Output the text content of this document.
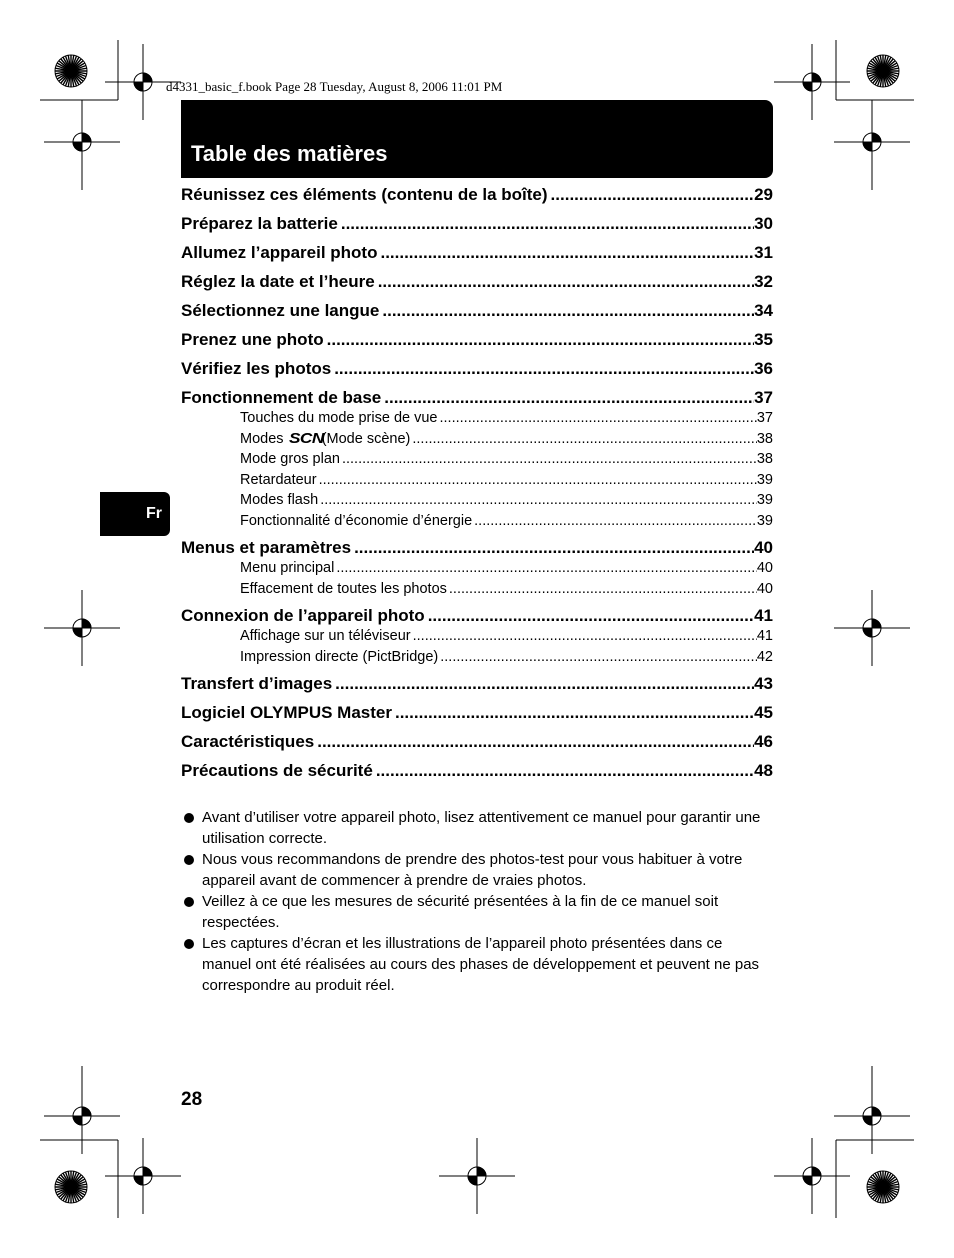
d4331_basic_f.book Page 28 Tuesday, August 8, 2006 11:01 PM
Table des matières
Fr
Réunissez ces éléments (contenu de la boîte) .....	29
Préparez la batterie .....	30
Allumez l’appareil photo .....	31
Réglez la date et l’heure .....	32
Sélectionnez une langue .....	34
Prenez une photo .....	35
Vérifiez les photos .....	36
Fonctionnement de base .....	37
Touches du mode prise de vue .....	37
Modes SCN(Mode scène) .....	38
Mode gros plan .....	38
Retardateur .....	39
Modes flash .....	39
Fonctionnalité d’économie d’énergie .....	39
Menus et paramètres .....	40
Menu principal .....	40
Effacement de toutes les photos .....	40
Connexion de l’appareil photo .....	41
Affichage sur un téléviseur .....	41
Impression directe (PictBridge) .....	42
Transfert d’images .....	43
Logiciel OLYMPUS Master .....	45
Caractéristiques .....	46
Précautions de sécurité .....	48
Avant d’utiliser votre appareil photo, lisez attentivement ce manuel pour garantir une utilisation correcte.
Nous vous recommandons de prendre des photos-test pour vous habituer à votre appareil avant de commencer à prendre de vraies photos.
Veillez à ce que les mesures de sécurité présentées à la fin de ce manuel soit respectées.
Les captures d’écran et les illustrations de l’appareil photo présentées dans ce manuel ont été réalisées au cours des phases de développement et peuvent ne pas correspondre au produit réel.
28
